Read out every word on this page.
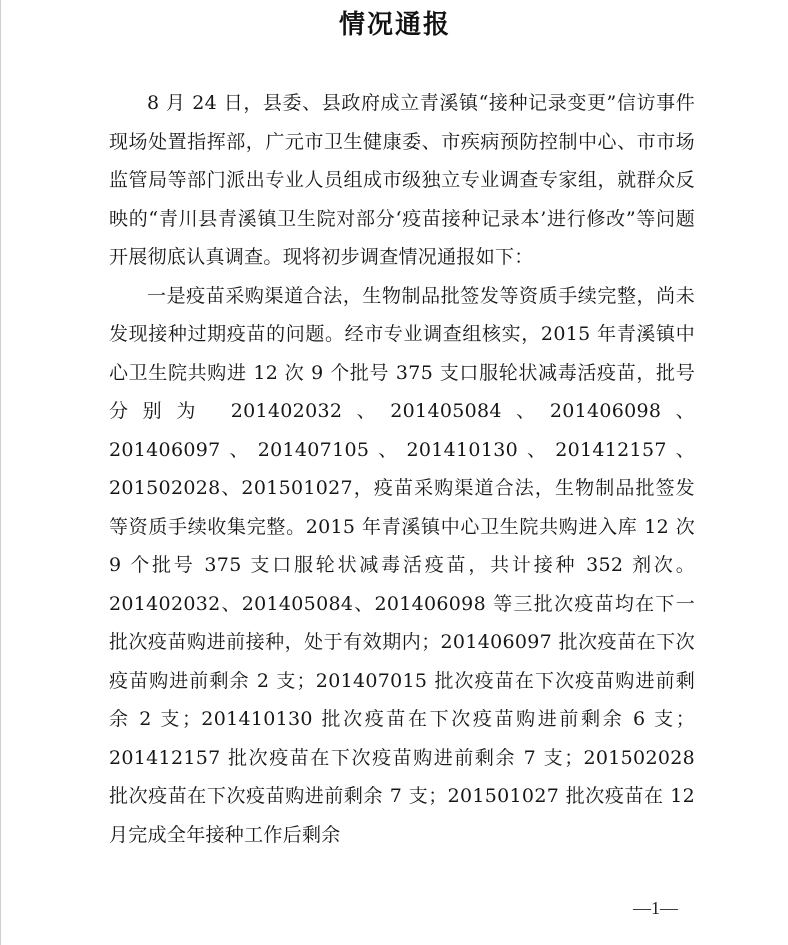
情况通报

8 月 24 日，县委、县政府成立青溪镇“接种记录变更”信访事件现场处置指挥部，广元市卫生健康委、市疾病预防控制中心、市市场监管局等部门派出专业人员组成市级独立专业调查专家组，就群众反映的“青川县青溪镇卫生院对部分‘疫苗接种记录本’进行修改”等问题开展彻底认真调查。现将初步调查情况通报如下：

一是疫苗采购渠道合法，生物制品批签发等资质手续完整，尚未发现接种过期疫苗的问题。经市专业调查组核实，2015 年青溪镇中心卫生院共购进 12 次 9 个批号 375 支口服轮状减毒活疫苗，批号分别为 201402032、201405084、201406098、201406097、201407105、201410130、201412157、201502028、201501027，疫苗采购渠道合法，生物制品批签发等资质手续收集完整。2015 年青溪镇中心卫生院共购进入库 12 次 9 个批号 375 支口服轮状减毒活疫苗，共计接种 352 剂次。201402032、201405084、201406098 等三批次疫苗均在下一批次疫苗购进前接种，处于有效期内；201406097 批次疫苗在下次疫苗购进前剩余 2 支；201407015 批次疫苗在下次疫苗购进前剩余 2 支；201410130 批次疫苗在下次疫苗购进前剩余 6 支；201412157 批次疫苗在下次疫苗购进前剩余 7 支；201502028 批次疫苗在下次疫苗购进前剩余 7 支；201501027 批次疫苗在 12 月完成全年接种工作后剩余

—1—
